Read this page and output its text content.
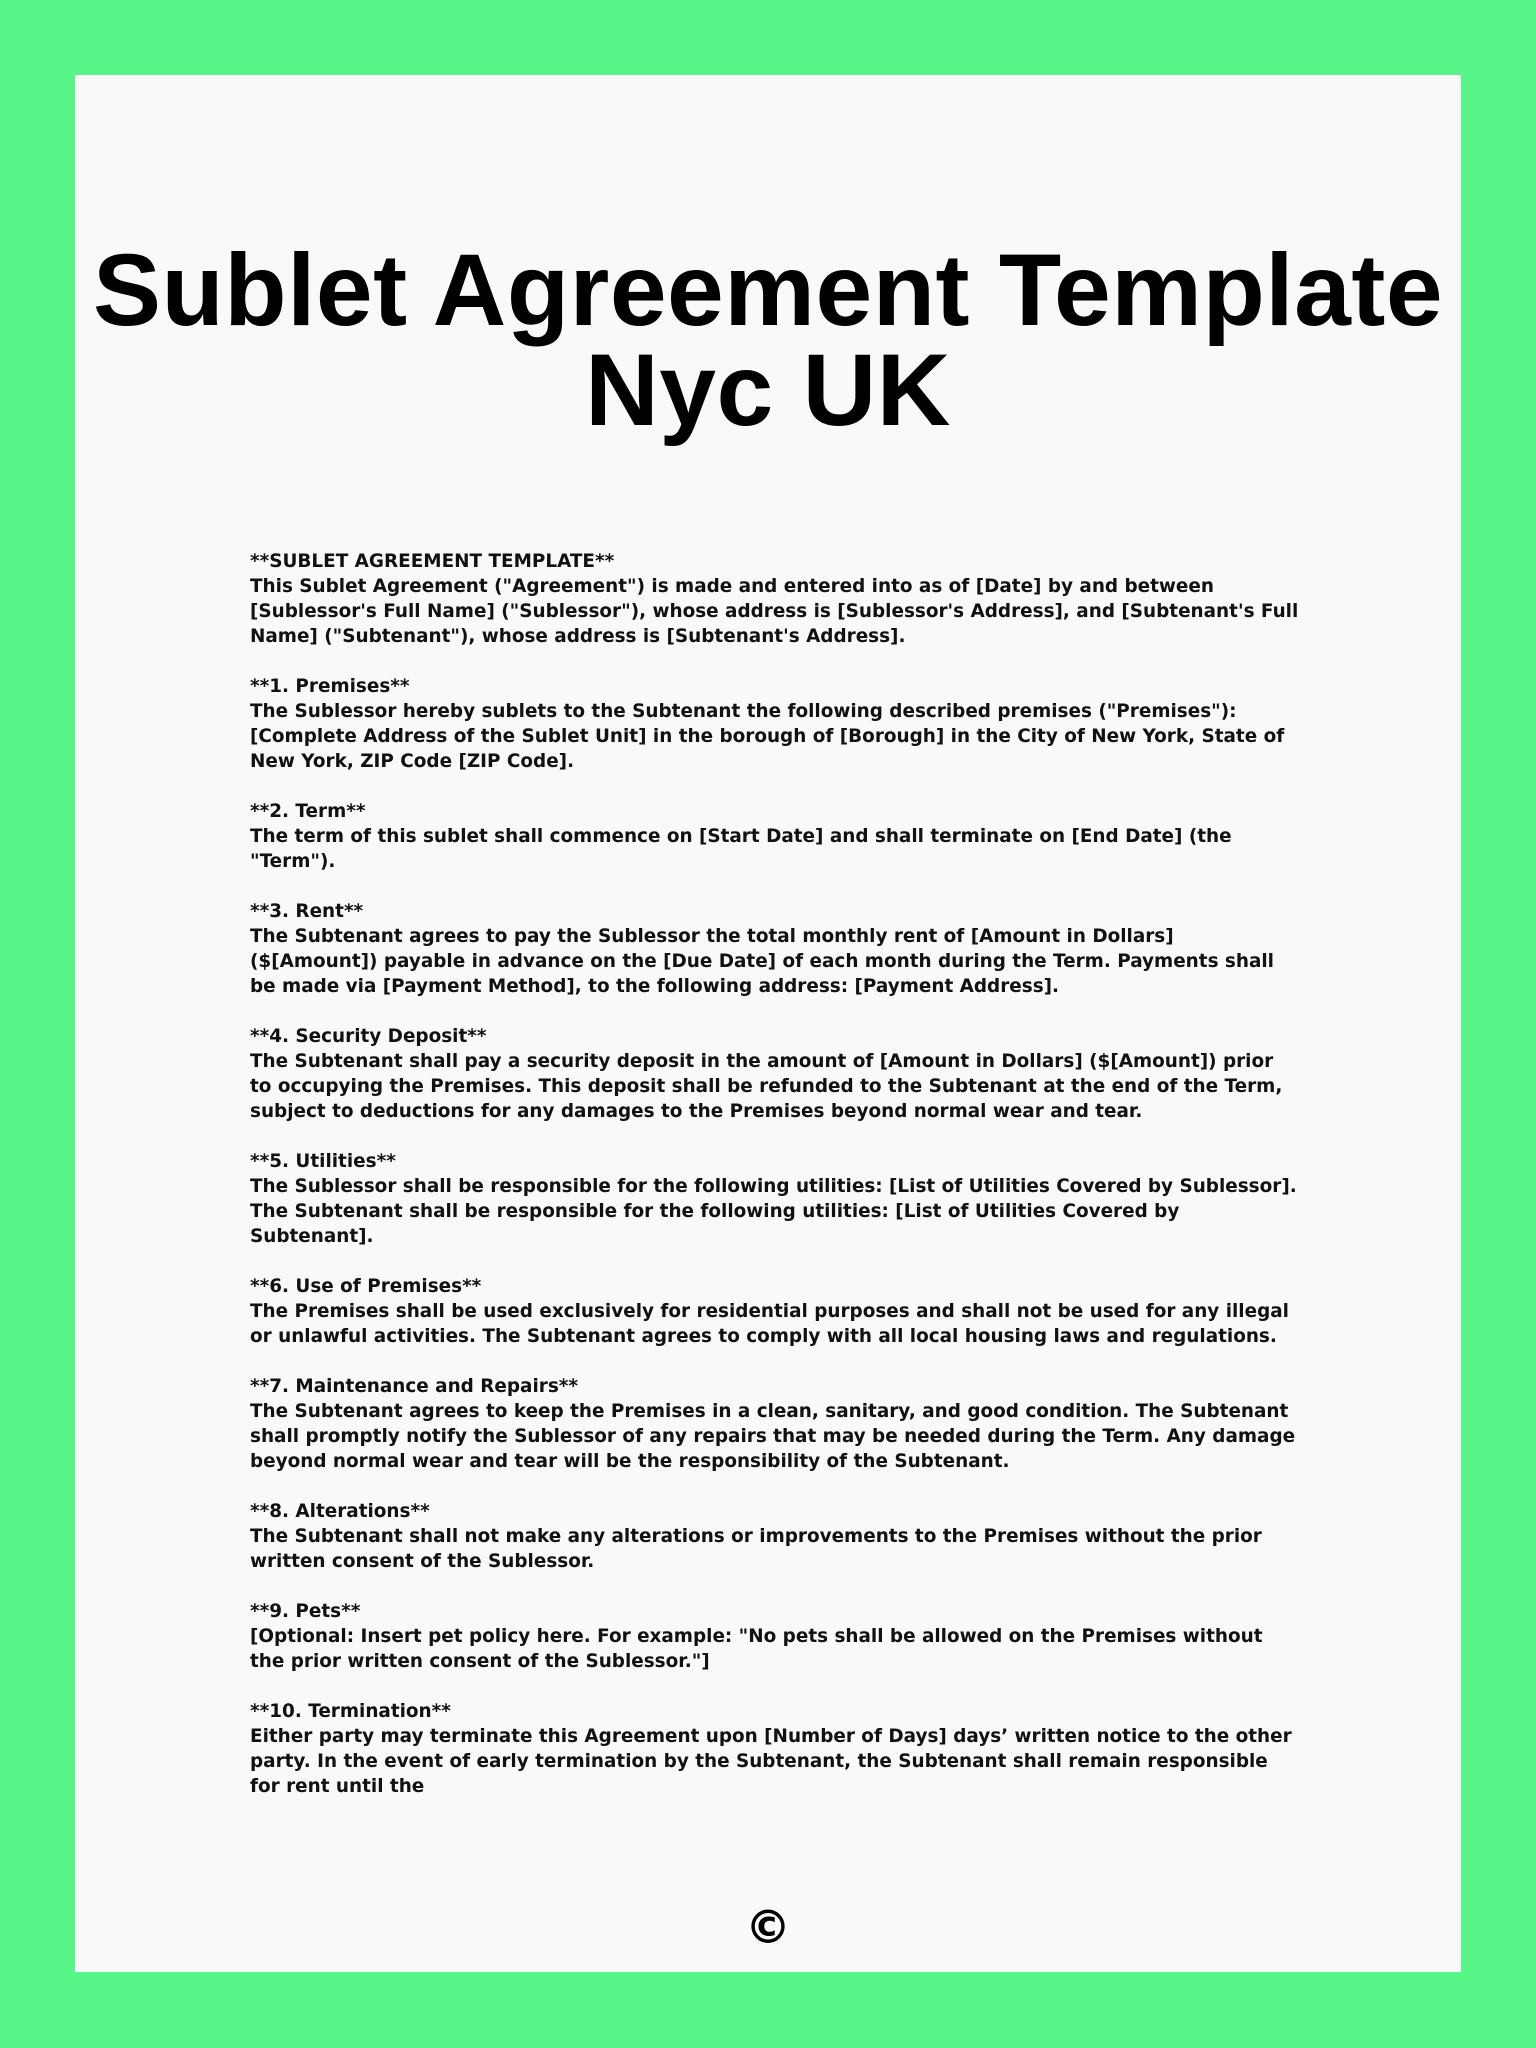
Sublet Agreement Template
Nyc UK

**SUBLET AGREEMENT TEMPLATE**

This Sublet Agreement ("Agreement") is made and entered into as of [Date] by and between [Sublessor's Full Name] ("Sublessor"), whose address is [Sublessor's Address], and [Subtenant's Full Name] ("Subtenant"), whose address is [Subtenant's Address].

**1. Premises**

The Sublessor hereby sublets to the Subtenant the following described premises ("Premises"): [Complete Address of the Sublet Unit] in the borough of [Borough] in the City of New York, State of New York, ZIP Code [ZIP Code].

**2. Term**

The term of this sublet shall commence on [Start Date] and shall terminate on [End Date] (the "Term").

**3. Rent**

The Subtenant agrees to pay the Sublessor the total monthly rent of [Amount in Dollars] ($[Amount]) payable in advance on the [Due Date] of each month during the Term. Payments shall be made via [Payment Method], to the following address: [Payment Address].

**4. Security Deposit**

The Subtenant shall pay a security deposit in the amount of [Amount in Dollars] ($[Amount]) prior to occupying the Premises. This deposit shall be refunded to the Subtenant at the end of the Term, subject to deductions for any damages to the Premises beyond normal wear and tear.

**5. Utilities**

The Sublessor shall be responsible for the following utilities: [List of Utilities Covered by Sublessor]. The Subtenant shall be responsible for the following utilities: [List of Utilities Covered by Subtenant].

**6. Use of Premises**

The Premises shall be used exclusively for residential purposes and shall not be used for any illegal or unlawful activities. The Subtenant agrees to comply with all local housing laws and regulations.

**7. Maintenance and Repairs**

The Subtenant agrees to keep the Premises in a clean, sanitary, and good condition. The Subtenant shall promptly notify the Sublessor of any repairs that may be needed during the Term. Any damage beyond normal wear and tear will be the responsibility of the Subtenant.

**8. Alterations**

The Subtenant shall not make any alterations or improvements to the Premises without the prior written consent of the Sublessor.

**9. Pets**

[Optional: Insert pet policy here. For example: "No pets shall be allowed on the Premises without the prior written consent of the Sublessor."]

**10. Termination**

Either party may terminate this Agreement upon [Number of Days] days’ written notice to the other party. In the event of early termination by the Subtenant, the Subtenant shall remain responsible for rent until the

©
